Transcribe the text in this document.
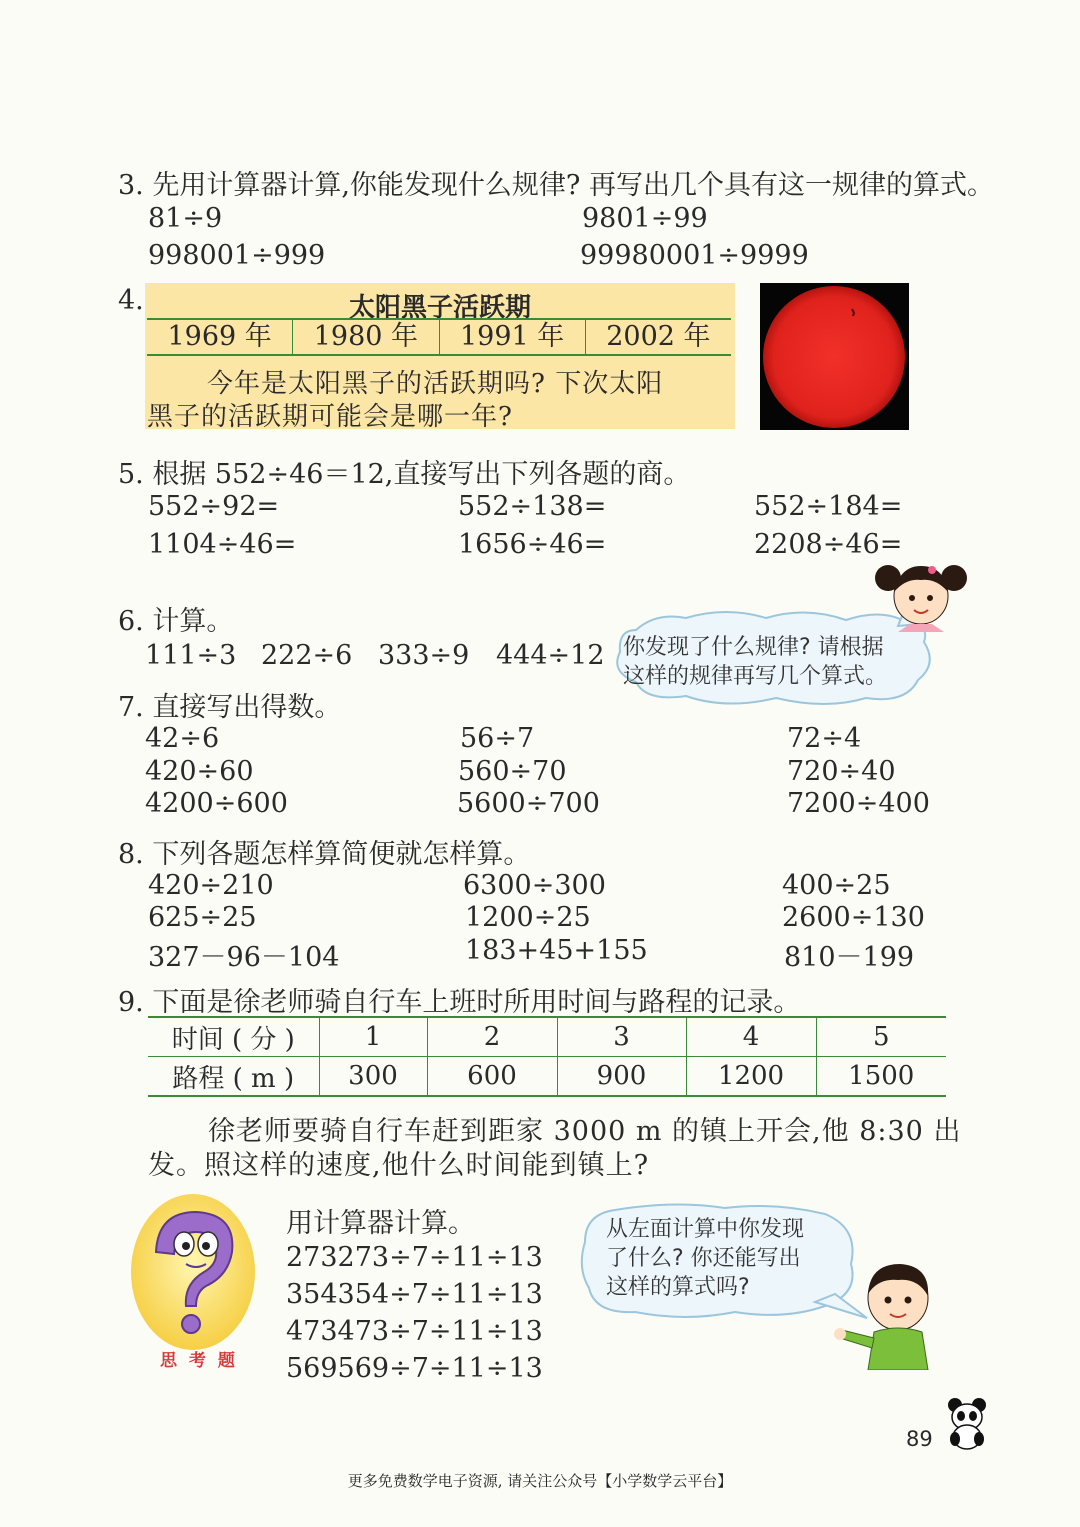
3. 先用计算器计算,你能发现什么规律? 再写出几个具有这一规律的算式。
81÷9	9801÷99
998001÷999	99980001÷9999
4.	太阳黑子活跃期
1969 年	1980 年	1991 年	2002 年
今年是太阳黑子的活跃期吗? 下次太阳
黑子的活跃期可能会是哪一年?
5. 根据 552÷46＝12,直接写出下列各题的商。
552÷92=	552÷138=	552÷184=
1104÷46=	1656÷46=	2208÷46=
6. 计算。
111÷3 222÷6 333÷9 444÷12 你发现了什么规律? 请根据
这样的规律再写几个算式。
7. 直接写出得数。
42÷6	56÷7	72÷4
420÷60	560÷70	720÷40
4200÷600	5600÷700	7200÷400
8. 下列各题怎样算简便就怎样算。
420÷210	6300÷300	400÷25
625÷25	1200÷25	2600÷130
327－96－104	183+45+155	810－199
9. 下面是徐老师骑自行车上班时所用时间与路程的记录。
时间 ( 分 )	1	2	3	4	5
路程 ( m )	300	600	900	1200	1500
徐老师要骑自行车赶到距家 3000 m 的镇上开会,他 8:30 出
发。照这样的速度,他什么时间能到镇上?
思 考 题
用计算器计算。
273273÷7÷11÷13
354354÷7÷11÷13
473473÷7÷11÷13
569569÷7÷11÷13
从左面计算中你发现
了什么? 你还能写出
这样的算式吗?
89
更多免费数学电子资源, 请关注公众号【小学数学云平台】
